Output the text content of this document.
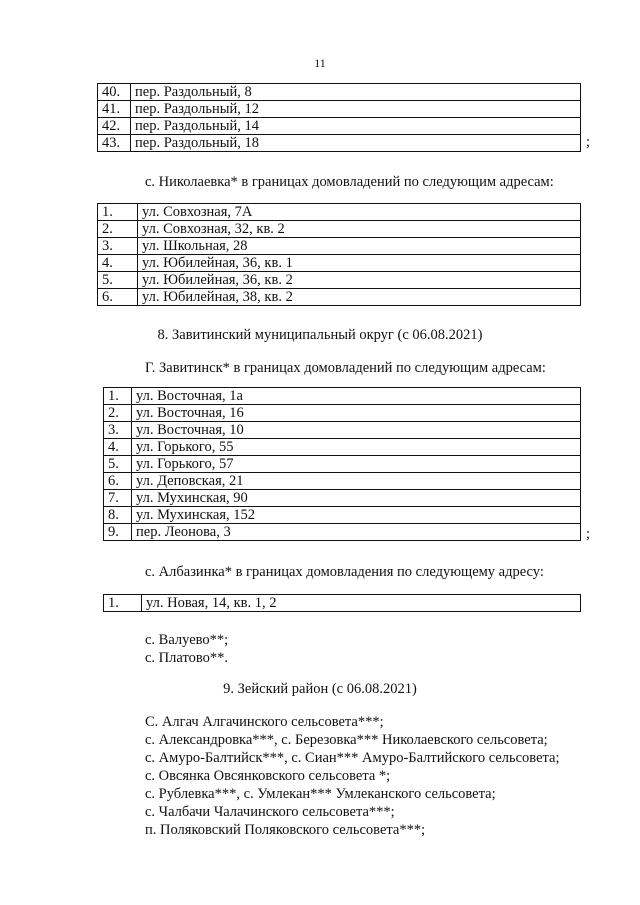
11
40.	пер. Раздольный, 8
41.	пер. Раздольный, 12
42.	пер. Раздольный, 14
43.	пер. Раздольный, 18	;
с. Николаевка* в границах домовладений по следующим адресам:
1.	ул. Совхозная, 7А
2.	ул. Совхозная, 32, кв. 2
3.	ул. Школьная, 28
4.	ул. Юбилейная, 36, кв. 1
5.	ул. Юбилейная, 36, кв. 2
6.	ул. Юбилейная, 38, кв. 2
8. Завитинский муниципальный округ (с 06.08.2021)
Г. Завитинск* в границах домовладений по следующим адресам:
1.	ул. Восточная, 1а
2.	ул. Восточная, 16
3.	ул. Восточная, 10
4.	ул. Горького, 55
5.	ул. Горького, 57
6.	ул. Деповская, 21
7.	ул. Мухинская, 90
8.	ул. Мухинская, 152
9.	пер. Леонова, 3	;
с. Албазинка* в границах домовладения по следующему адресу:
1.	ул. Новая, 14, кв. 1, 2
с. Валуево**;
с. Платово**.
9. Зейский район (с 06.08.2021)
С. Алгач Алгачинского сельсовета***;
с. Александровка***, с. Березовка*** Николаевского сельсовета;
с. Амуро-Балтийск***, с. Сиан*** Амуро-Балтийского сельсовета;
с. Овсянка Овсянковского сельсовета *;
с. Рублевка***, с. Умлекан*** Умлеканского сельсовета;
с. Чалбачи Чалачинского сельсовета***;
п. Поляковский Поляковского сельсовета***;
